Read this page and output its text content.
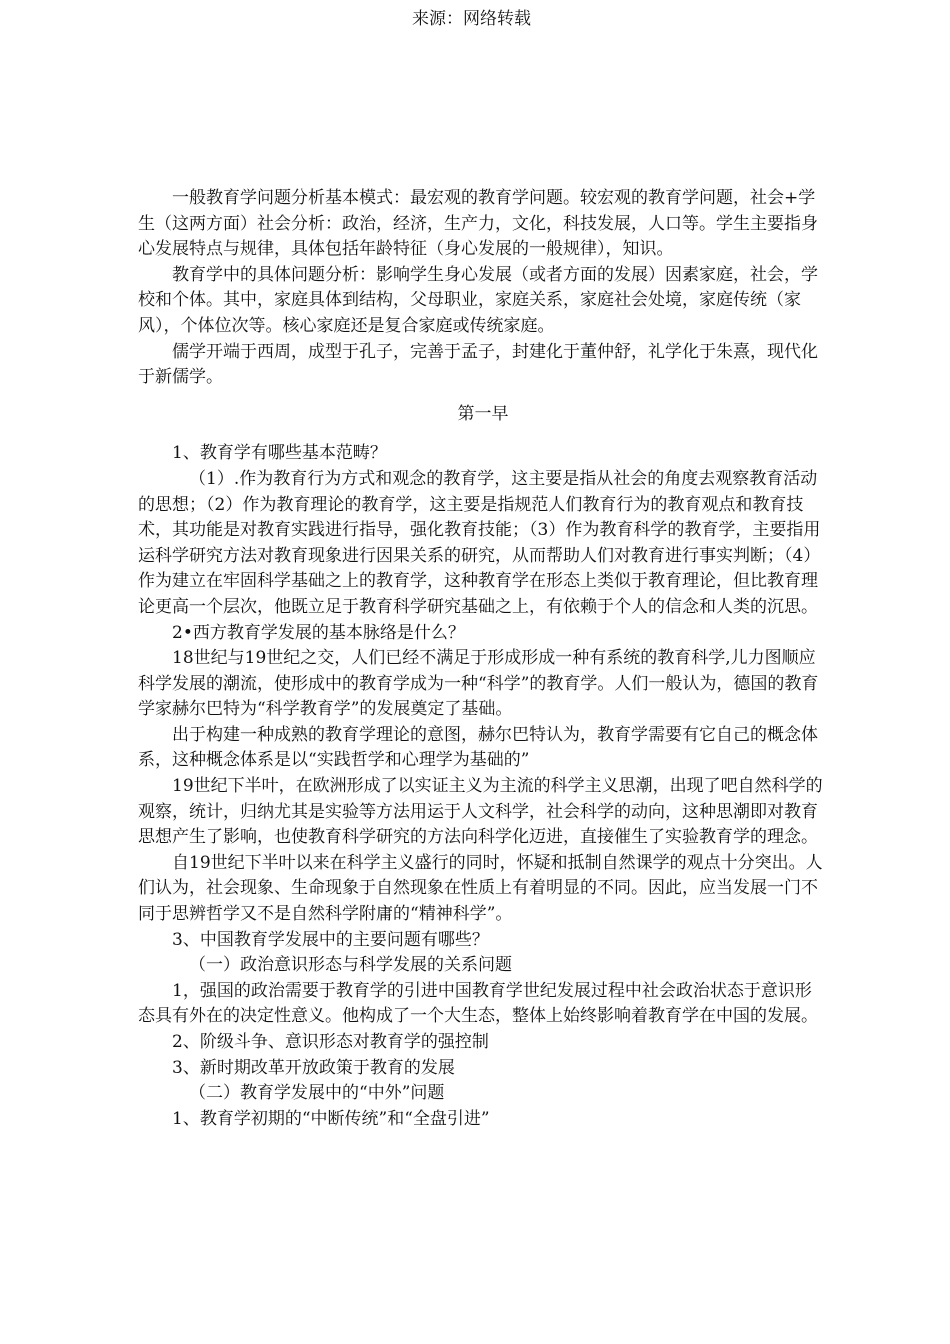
来源：网络转载

一般教育学问题分析基本模式：最宏观的教育学问题。较宏观的教育学问题，社会+学生（这两方面）社会分析：政治，经济，生产力，文化，科技发展，人口等。学生主要指身心发展特点与规律，具体包括年龄特征（身心发展的一般规律），知识。

教育学中的具体问题分析：影响学生身心发展（或者方面的发展）因素家庭，社会，学校和个体。其中，家庭具体到结构，父母职业，家庭关系，家庭社会处境，家庭传统（家风），个体位次等。核心家庭还是复合家庭或传统家庭。

儒学开端于西周，成型于孔子，完善于孟子，封建化于董仲舒，礼学化于朱熹，现代化于新儒学。

第一早

1、教育学有哪些基本范畴？

（1）.作为教育行为方式和观念的教育学，这主要是指从社会的角度去观察教育活动的思想；（2）作为教育理论的教育学，这主要是指规范人们教育行为的教育观点和教育技术，其功能是对教育实践进行指导，强化教育技能；（3）作为教育科学的教育学，主要指用运科学研究方法对教育现象进行因果关系的研究，从而帮助人们对教育进行事实判断；（4）作为建立在牢固科学基础之上的教育学，这种教育学在形态上类似于教育理论，但比教育理论更高一个层次，他既立足于教育科学研究基础之上，有依赖于个人的信念和人类的沉思。

2•西方教育学发展的基本脉络是什么？

18世纪与19世纪之交，人们已经不满足于形成形成一种有系统的教育科学,儿力图顺应科学发展的潮流，使形成中的教育学成为一种“科学”的教育学。人们一般认为，德国的教育学家赫尔巴特为“科学教育学”的发展奠定了基础。

出于构建一种成熟的教育学理论的意图，赫尔巴特认为，教育学需要有它自己的概念体系，这种概念体系是以“实践哲学和心理学为基础的”

19世纪下半叶，在欧洲形成了以实证主义为主流的科学主义思潮，出现了吧自然科学的观察，统计，归纳尤其是实验等方法用运于人文科学，社会科学的动向，这种思潮即对教育思想产生了影响，也使教育科学研究的方法向科学化迈进，直接催生了实验教育学的理念。

自19世纪下半叶以来在科学主义盛行的同时，怀疑和抵制自然课学的观点十分突出。人们认为，社会现象、生命现象于自然现象在性质上有着明显的不同。因此，应当发展一门不同于思辨哲学又不是自然科学附庸的“精神科学”。

3、中国教育学发展中的主要问题有哪些？

（一）政治意识形态与科学发展的关系问题

1，强国的政治需要于教育学的引进中国教育学世纪发展过程中社会政治状态于意识形态具有外在的决定性意义。他构成了一个大生态，整体上始终影响着教育学在中国的发展。

2、阶级斗争、意识形态对教育学的强控制

3、新时期改革开放政策于教育的发展

（二）教育学发展中的“中外”问题

1、教育学初期的“中断传统”和“全盘引进”
